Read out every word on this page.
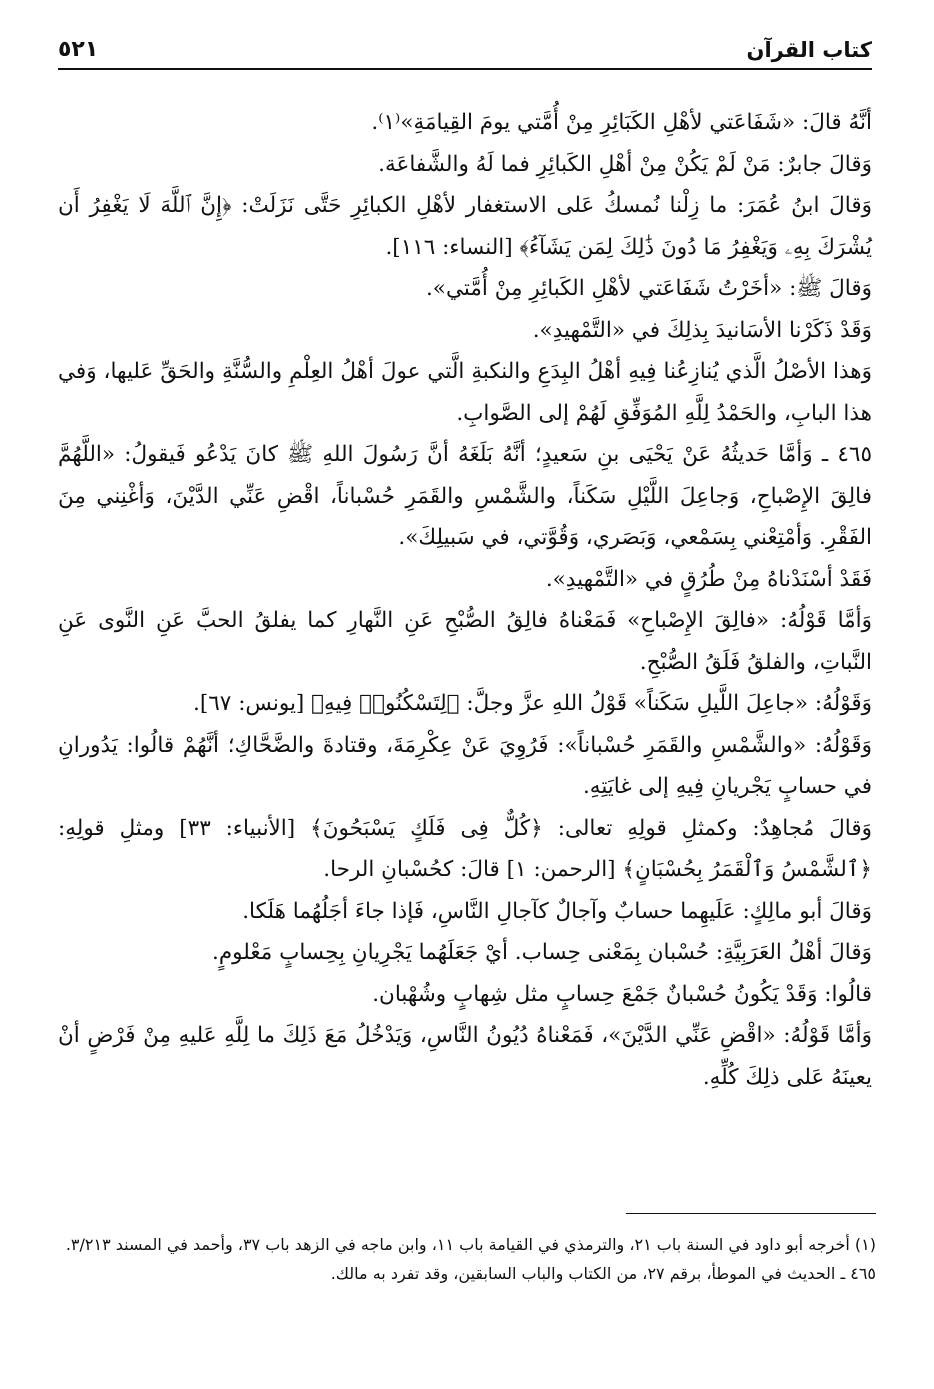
كتاب القرآن
٥٢١

أنَّهُ قالَ: «شَفَاعَتي لأهْلِ الكَبَائِرِ مِنْ أُمَّتي يومَ القِيامَةِ»⁽١⁾.

وَقالَ جابرٌ: مَنْ لَمْ يَكُنْ مِنْ أهْلِ الكَبائِرِ فما لَهُ والشَّفاعَة.

وَقالَ ابنُ عُمَرَ: ما زِلْنا نُمسكُ عَلى الاستغفار لأهْلِ الكبائِرِ حَتَّى نَزَلَتْ: ﴿إِنَّ ٱللَّهَ لَا يَغْفِرُ أَن يُشْرَكَ بِهِۦ وَيَغْفِرُ مَا دُونَ ذَٰلِكَ لِمَن يَشَآءُ﴾ [النساء: ١١٦].

وَقالَ ﷺ: «أخَرْتُ شَفَاعَتي لأهْلِ الكَبائِرِ مِنْ أُمَّتي».

وَقَدْ ذَكَرْنا الأسَانيدَ بِذلِكَ في «التَّمْهيدِ».

وَهذا الأصْلُ الَّذي يُنازِعُنا فِيهِ أهْلُ البِدَعِ والنكبةِ الَّتي عولَ أهْلُ العِلْمِ والسُّنَّةِ والحَقِّ عَليها، وَفي هذا البابِ، والحَمْدُ لِلَّهِ المُوَفِّقِ لَهُمْ إلى الصَّوابِ.

٤٦٥ ـ وَأمَّا حَديثُهُ عَنْ يَحْيَى بنِ سَعيدٍ؛ أنَّهُ بَلَغَهُ أنَّ رَسُولَ اللهِ ﷺ كانَ يَدْعُو فَيقولُ: «اللَّهُمَّ فالِقَ الإِصْباحِ، وَجاعِلَ اللَّيْلِ سَكَناً، والشَّمْسِ والقَمَرِ حُسْباناً، اقْضِ عَنِّي الدَّيْنَ، وَأغْنِني مِنَ الفَقْرِ. وَأمْتِعْني بِسَمْعي، وَبَصَري، وَقُوَّتي، في سَبيلِكَ».

فَقَدْ أسْنَدْناهُ مِنْ طُرُقٍ في «التَّمْهيدِ».

وَأمَّا قَوْلُهُ: «فالِقَ الإِصْباحِ» فَمَعْناهُ فالِقُ الصُّبْحِ عَنِ النَّهارِ كما يفلقُ الحبَّ عَنِ النَّوى عَنِ النَّباتِ، والفلقُ فَلَقُ الصُّبْحِ.

وَقَوْلُهُ: «جاعِلَ اللَّيلِ سَكَناً» قَوْلُ اللهِ عزَّ وجلَّ: ﴿لِتَسْكُنُوا۟ فِيهِ﴾ [يونس: ٦٧].

وَقَوْلُهُ: «والشَّمْسِ والقَمَرِ حُسْباناً»: فَرُوِيَ عَنْ عِكْرِمَةَ، وقتادةَ والضَّحَّاكِ؛ أنَّهُمْ قالُوا: يَدُورانِ في حسابٍ يَجْريانِ فِيهِ إلى غايَتِهِ.

وَقالَ مُجاهِدٌ: وكمثلِ قولِهِ تعالى: ﴿كُلٌّ فِى فَلَكٍ يَسْبَحُونَ﴾ [الأنبياء: ٣٣] ومثلِ قولِهِ: ﴿ٱلشَّمْسُ وَٱلْقَمَرُ بِحُسْبَانٍ﴾ [الرحمن: ١] قالَ: كحُسْبانِ الرحا.

وَقالَ أبو مالِكٍ: عَلَيهِما حسابٌ وآجالٌ كآجالِ النَّاسِ، فَإذا جاءَ أجَلُهُما هَلَكا.

وَقالَ أهْلُ العَرَبِيَّةِ: حُسْبان بِمَعْنى حِساب. أيْ جَعَلَهُما يَجْرِيانِ بِحِسابٍ مَعْلومٍ.

قالُوا: وَقَدْ يَكُونُ حُسْبانٌ جَمْعَ حِسابٍ مثل شِهابٍ وشُهْبان.

وَأمَّا قَوْلُهُ: «اقْضِ عَنِّي الدَّيْنَ»، فَمَعْناهُ دُيُونُ النَّاسِ، وَيَدْخُلُ مَعَ ذَلِكَ ما لِلَّهِ عَليهِ مِنْ فَرْضٍ أنْ يعينَهُ عَلى ذلِكَ كُلِّهِ.

(١) أخرجه أبو داود في السنة باب ٢١، والترمذي في القيامة باب ١١، وابن ماجه في الزهد باب ٣٧، وأحمد في المسند ٣/٢١٣.

٤٦٥ ـ الحديث في الموطأ، برقم ٢٧، من الكتاب والباب السابقين، وقد تفرد به مالك.
